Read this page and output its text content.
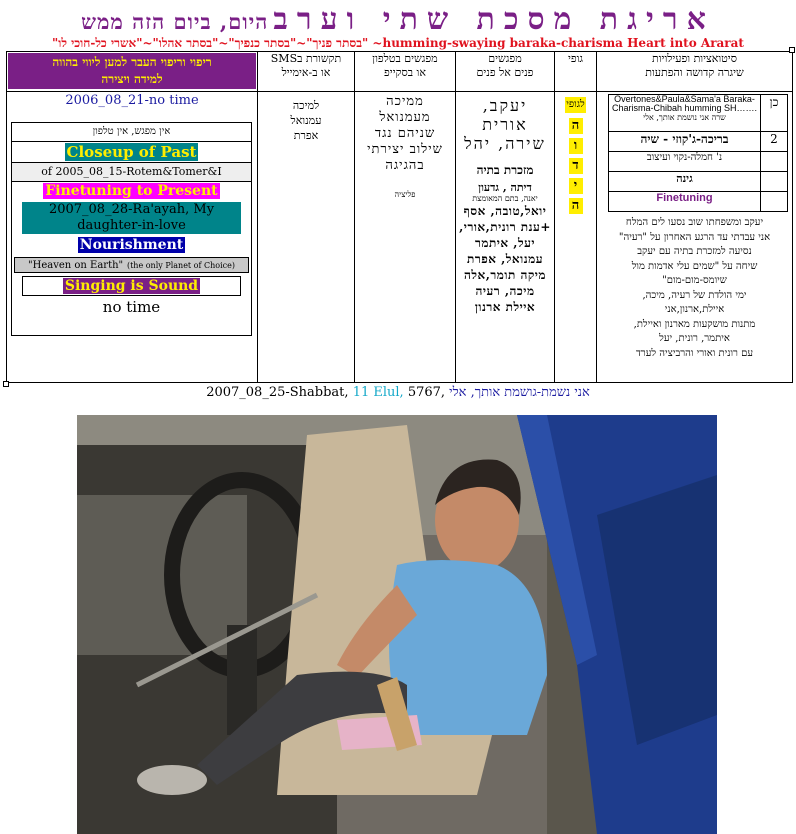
אריגת מסכת שתי וערב היום, ביום הזה ממש
"בסתר פניך"~"בסתר כנפיך"~"בסתר אהלו"~"אשרי כל-חוכי לו" ~humming-swaying baraka-charisma Heart into Ararat
סיטואציות ופעילויות
שיגרה קדושה והפתעות

גופי

מפגשים
פנים אל פנים

מפגשים בטלפון
או בסקייפ

תקשורת בSMS
או ב-אימייל

ריפוי וריפוי העבר למען ליווי בהווה
למידה ויצירה

כן	
Overtones&Paula&Sama'a Baraka-Charisma-Chibah humming SH…….
שרה אני נושמת אותך, אלי

2	בריכה-ג'קוזי - שיה
	נ' חמלה-נקוי ועיצוב
	גינה
	Finetuning
יעקב ומשפחתו שוב נסעו לים המלח
אני עבדתי עד הרגע האחרון על "רעיה"
נסיעה למזכרת בתיה עם יעקב
שיחה על "שמים עלי אדמות מול שיומס-מום-מום"
ימי הולדת של רעיה, מיכה,
איילת,ארנון,אני
מתנות מושקעות מארנון ואיילת,
איתמר, רונית, יעל
עם רונית ואורי והרביציה לערד
	לגופי
ה
ו
ד
י
ה

יעקב, אורית שירה, יהל
מזכרת בתיה
דיתה , גדעון
יאנה, בתם המאומצת
יואל,טובה, אסף +ענת רונית,אורי, יעל, איתמר עמנואל, אפרת מיקה תומר,אלה מיכה, רעיה איילת ארנון

ממיכה מעמנואל שניהם נגד שילוב יצירתי בהגיגה
פליציה

למיכה עמנואל אפרת

2006_08_21-no time
אין מפגש, אין טלפון
Closeup of Past
of 2005_08_15-Rotem&Tomer&I
Finetuning to Present
2007_08_28-Ra'ayah, My daughter-in-love
Nourishment
"Heaven on Earth" (the only Planet of Choice)
Singing is Sound
no time
2007_08_25-Shabbat, 11 Elul, 5767, אני נשמת-גושמת אותך, אלי
